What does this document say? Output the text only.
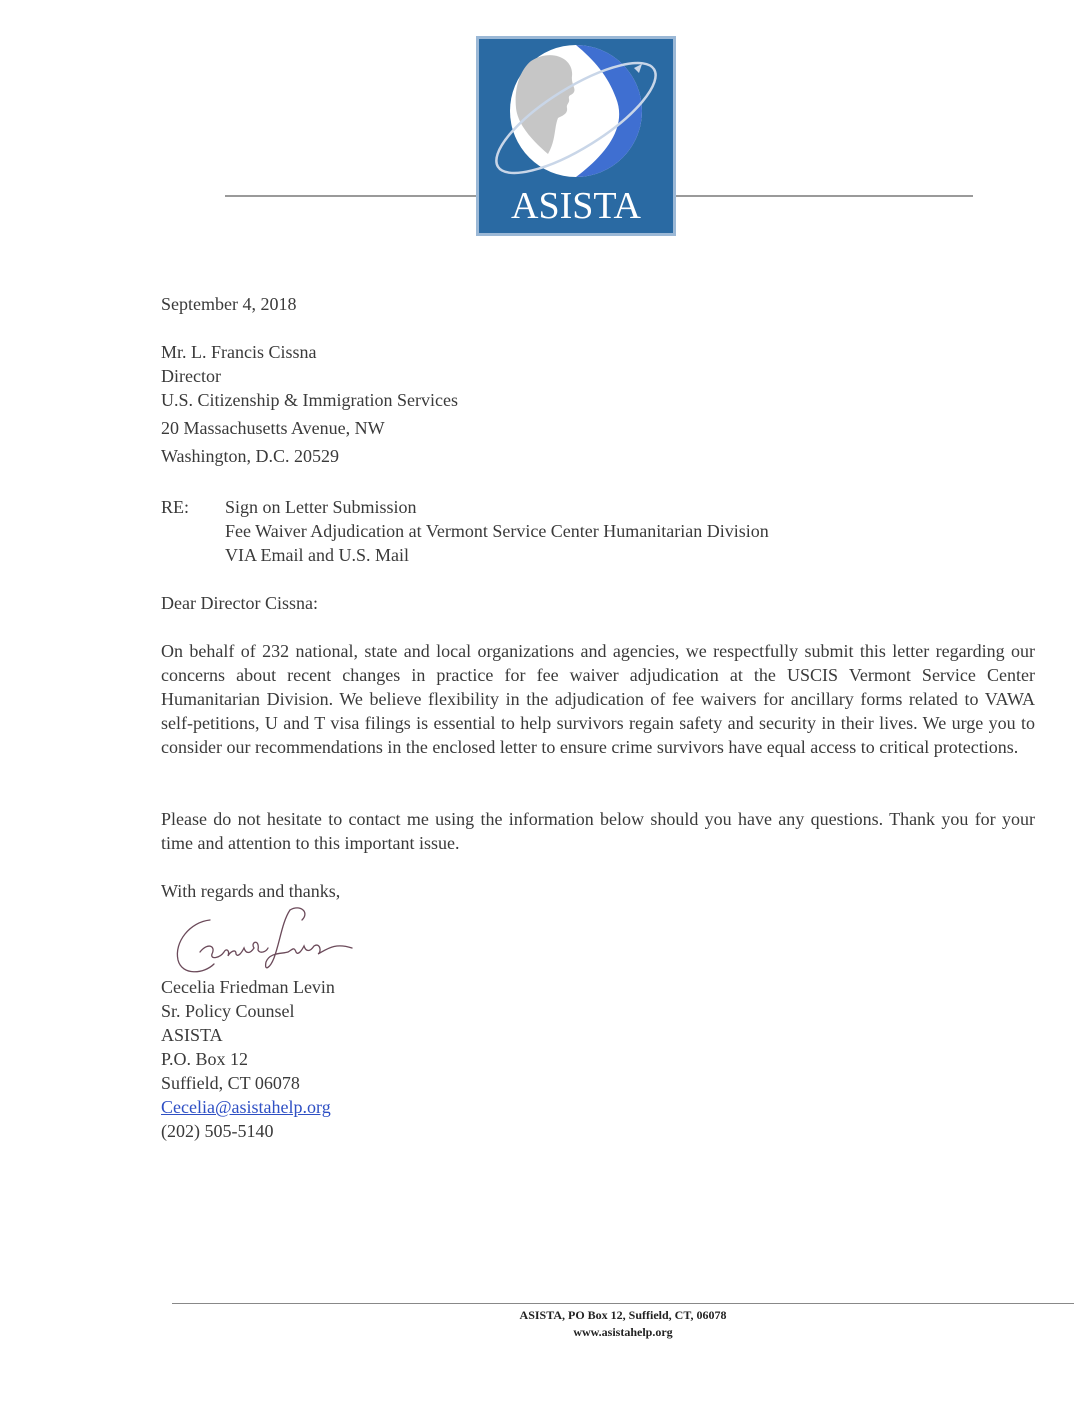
ASISTA
September 4, 2018
Mr. L. Francis Cissna
Director
U.S. Citizenship & Immigration Services
20 Massachusetts Avenue, NW
Washington, D.C. 20529
RE: Sign on Letter Submission
Fee Waiver Adjudication at Vermont Service Center Humanitarian Division
VIA Email and U.S. Mail
Dear Director Cissna:
On behalf of 232 national, state and local organizations and agencies, we respectfully submit this letter regarding our concerns about recent changes in practice for fee waiver adjudication at the USCIS Vermont Service Center Humanitarian Division. We believe flexibility in the adjudication of fee waivers for ancillary forms related to VAWA self-petitions, U and T visa filings is essential to help survivors regain safety and security in their lives. We urge you to consider our recommendations in the enclosed letter to ensure crime survivors have equal access to critical protections.
Please do not hesitate to contact me using the information below should you have any questions. Thank you for your time and attention to this important issue.
With regards and thanks,
Cecelia Friedman Levin
Sr. Policy Counsel
ASISTA
P.O. Box 12
Suffield, CT 06078
Cecelia@asistahelp.org
(202) 505-5140
ASISTA, PO Box 12, Suffield, CT, 06078
www.asistahelp.org
